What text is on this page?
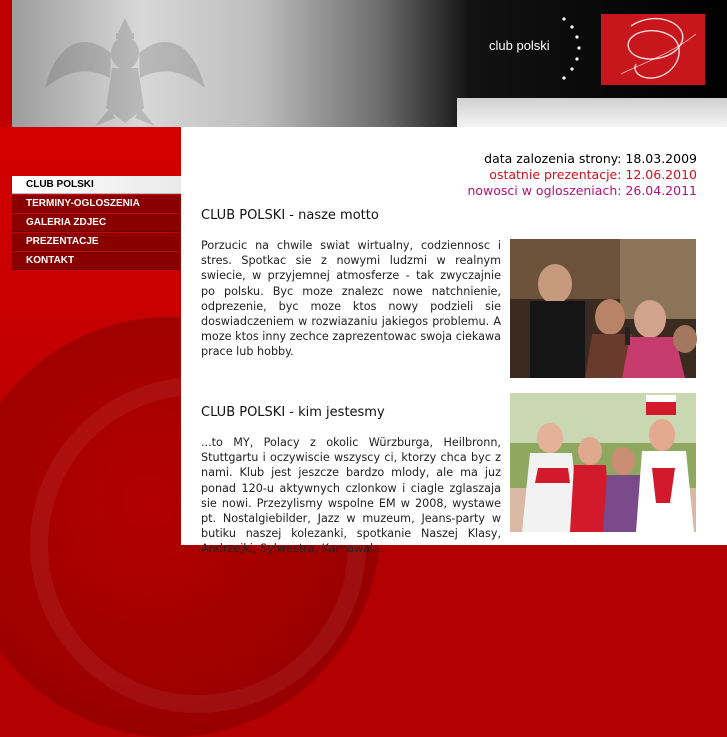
club polski
CLUB POLSKI
TERMINY-OGLOSZENIA
GALERIA ZDJEC
PREZENTACJE
KONTAKT
data zalozenia strony: 18.03.2009
ostatnie prezentacje: 12.06.2010
nowosci w ogloszeniach: 26.04.2011
CLUB POLSKI - nasze motto

Porzucic na chwile swiat wirtualny, codziennosc i stres. Spotkac sie z nowymi ludzmi w realnym swiecie, w przyjemnej atmosferze - tak zwyczajnie po polsku. Byc moze znalezc nowe natchnienie, odprezenie, byc moze ktos nowy podzieli sie doswiadczeniem w rozwiazaniu jakiegos problemu. A moze ktos inny zechce zaprezentowac swoja ciekawa prace lub hobby.

CLUB POLSKI - kim jestesmy

...to MY, Polacy z okolic Würzburga, Heilbronn, Stuttgartu i oczywiscie wszyscy ci, ktorzy chca byc z nami. Klub jest jeszcze bardzo mlody, ale ma juz ponad 120-u aktywnych czlonkow i ciagle zglaszaja sie nowi. Przezylismy wspolne EM w 2008, wystawe pt. Nostalgiebilder, Jazz w muzeum, Jeans-party w butiku naszej kolezanki, spotkanie Naszej Klasy, Andrzejki, Sylwestra, Karnawal...
